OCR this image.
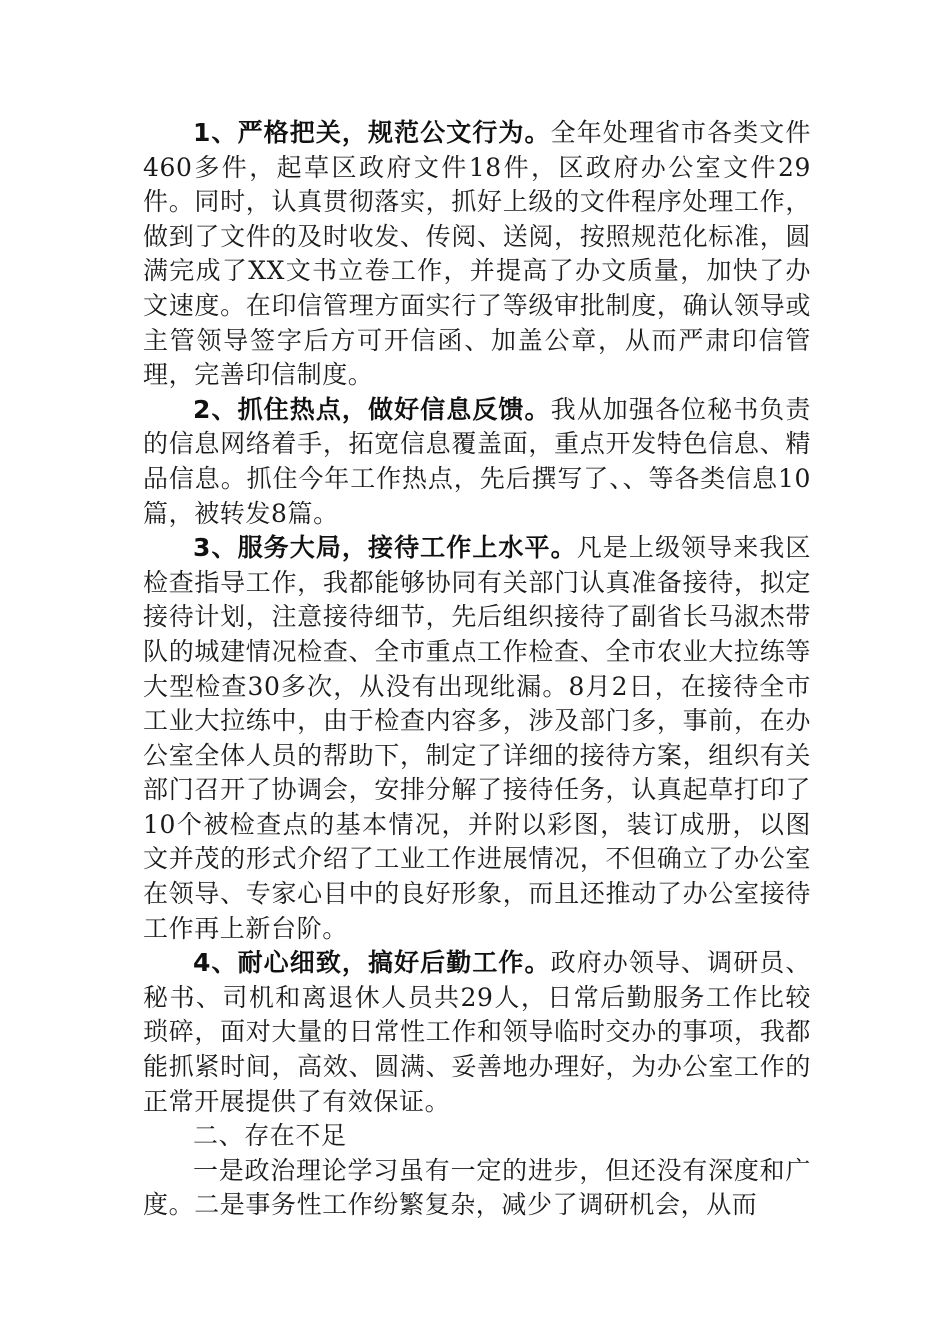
1、严格把关，规范公文行为。全年处理省市各类文件460多件，起草区政府文件18件，区政府办公室文件29件。同时，认真贯彻落实，抓好上级的文件程序处理工作，做到了文件的及时收发、传阅、送阅，按照规范化标准，圆满完成了XX文书立卷工作，并提高了办文质量，加快了办文速度。在印信管理方面实行了等级审批制度，确认领导或主管领导签字后方可开信函、加盖公章，从而严肃印信管理，完善印信制度。

2、抓住热点，做好信息反馈。我从加强各位秘书负责的信息网络着手，拓宽信息覆盖面，重点开发特色信息、精品信息。抓住今年工作热点，先后撰写了、、等各类信息10篇，被转发8篇。

3、服务大局，接待工作上水平。凡是上级领导来我区检查指导工作，我都能够协同有关部门认真准备接待，拟定接待计划，注意接待细节，先后组织接待了副省长马淑杰带队的城建情况检查、全市重点工作检查、全市农业大拉练等大型检查30多次，从没有出现纰漏。8月2日，在接待全市工业大拉练中，由于检查内容多，涉及部门多，事前，在办公室全体人员的帮助下，制定了详细的接待方案，组织有关部门召开了协调会，安排分解了接待任务，认真起草打印了10个被检查点的基本情况，并附以彩图，装订成册，以图文并茂的形式介绍了工业工作进展情况，不但确立了办公室在领导、专家心目中的良好形象，而且还推动了办公室接待工作再上新台阶。

4、耐心细致，搞好后勤工作。政府办领导、调研员、秘书、司机和离退休人员共29人，日常后勤服务工作比较琐碎，面对大量的日常性工作和领导临时交办的事项，我都能抓紧时间，高效、圆满、妥善地办理好，为办公室工作的正常开展提供了有效保证。

二、存在不足

一是政治理论学习虽有一定的进步，但还没有深度和广度。二是事务性工作纷繁复杂，减少了调研机会，从而
